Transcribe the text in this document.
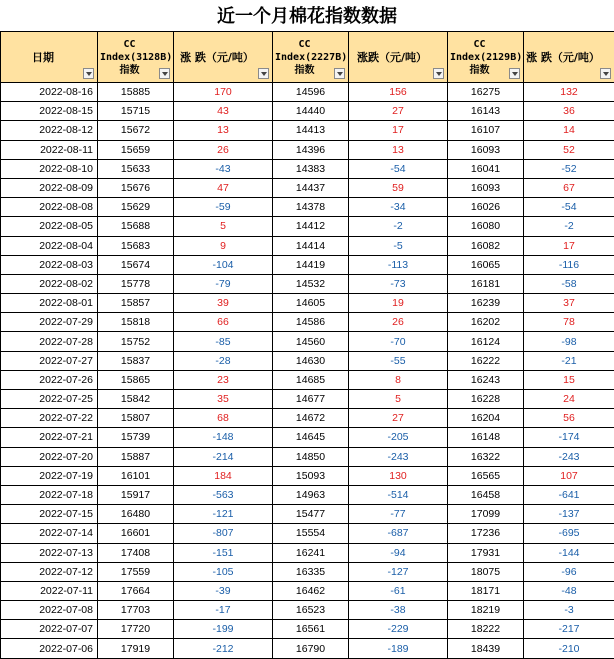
近一个月棉花指数数据
日期	CC Index(3128B) 指数	涨 跌（元/吨）	CC Index(2227B) 指数	涨跌（元/吨）	CC Index(2129B) 指数	涨 跌（元/吨）

2022-08-16	15885	170	14596	156	16275	132
2022-08-15	15715	43	14440	27	16143	36
2022-08-12	15672	13	14413	17	16107	14
2022-08-11	15659	26	14396	13	16093	52
2022-08-10	15633	-43	14383	-54	16041	-52
2022-08-09	15676	47	14437	59	16093	67
2022-08-08	15629	-59	14378	-34	16026	-54
2022-08-05	15688	5	14412	-2	16080	-2
2022-08-04	15683	9	14414	-5	16082	17
2022-08-03	15674	-104	14419	-113	16065	-116
2022-08-02	15778	-79	14532	-73	16181	-58
2022-08-01	15857	39	14605	19	16239	37
2022-07-29	15818	66	14586	26	16202	78
2022-07-28	15752	-85	14560	-70	16124	-98
2022-07-27	15837	-28	14630	-55	16222	-21
2022-07-26	15865	23	14685	8	16243	15
2022-07-25	15842	35	14677	5	16228	24
2022-07-22	15807	68	14672	27	16204	56
2022-07-21	15739	-148	14645	-205	16148	-174
2022-07-20	15887	-214	14850	-243	16322	-243
2022-07-19	16101	184	15093	130	16565	107
2022-07-18	15917	-563	14963	-514	16458	-641
2022-07-15	16480	-121	15477	-77	17099	-137
2022-07-14	16601	-807	15554	-687	17236	-695
2022-07-13	17408	-151	16241	-94	17931	-144
2022-07-12	17559	-105	16335	-127	18075	-96
2022-07-11	17664	-39	16462	-61	18171	-48
2022-07-08	17703	-17	16523	-38	18219	-3
2022-07-07	17720	-199	16561	-229	18222	-217
2022-07-06	17919	-212	16790	-189	18439	-210
